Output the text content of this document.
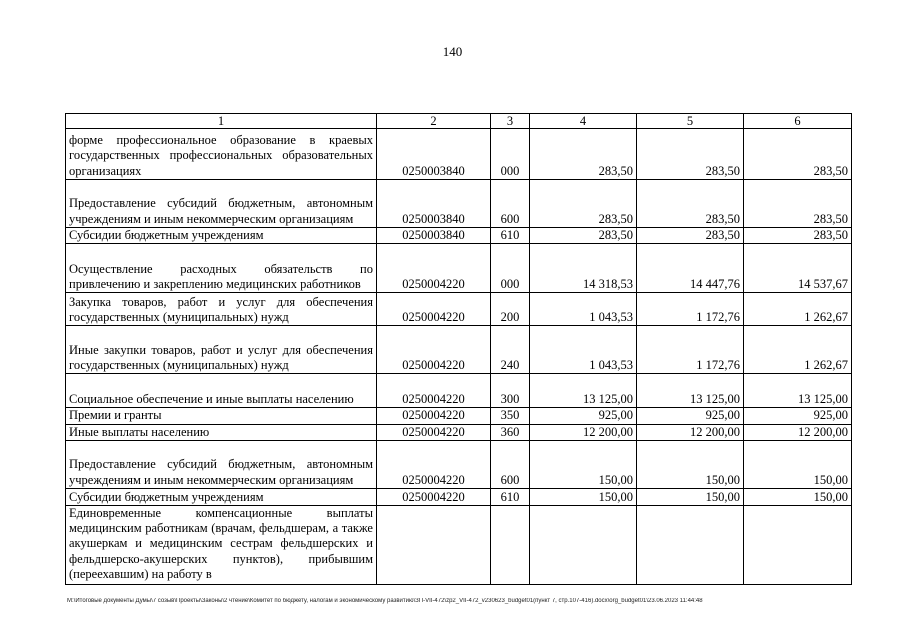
140
1	2	3	4	5	6
форме профессиональное образование в краевых государственных профессиональных образовательных организациях	0250003840	000	283,50	283,50	283,50
Предоставление субсидий бюджетным, автономным учреждениям и иным некоммерческим организациям	0250003840	600	283,50	283,50	283,50
Субсидии бюджетным учреждениям	0250003840	610	283,50	283,50	283,50
Осуществление расходных обязательств по привлечению и закреплению медицинских работников	0250004220	000	14 318,53	14 447,76	14 537,67
Закупка товаров, работ и услуг для обеспечения государственных (муниципальных) нужд	0250004220	200	1 043,53	1 172,76	1 262,67
Иные закупки товаров, работ и услуг для обеспечения государственных (муниципальных) нужд	0250004220	240	1 043,53	1 172,76	1 262,67
Социальное обеспечение и иные выплаты населению	0250004220	300	13 125,00	13 125,00	13 125,00
Премии и гранты	0250004220	350	925,00	925,00	925,00
Иные выплаты населению	0250004220	360	12 200,00	12 200,00	12 200,00
Предоставление субсидий бюджетным, автономным учреждениям и иным некоммерческим организациям	0250004220	600	150,00	150,00	150,00
Субсидии бюджетным учреждениям	0250004220	610	150,00	150,00	150,00
Единовременные компенсационные выплаты медицинским работникам (врачам, фельдшерам, а также акушеркам и медицинским сестрам фельдшерских и фельдшерско-акушерских пунктов), прибывшим (переехавшим) на работу в					
M:\Итоговые документы Думы\7 созыв\Проекты\Законы\2 чтение\Комитет по бюджету, налогам и экономическому развитию\ЗП-VII-472\zp2_VII-472_v230623_budget01(пункт 7, стр.107-416).docx\org_budget01\23.06.2023 11:44:48
